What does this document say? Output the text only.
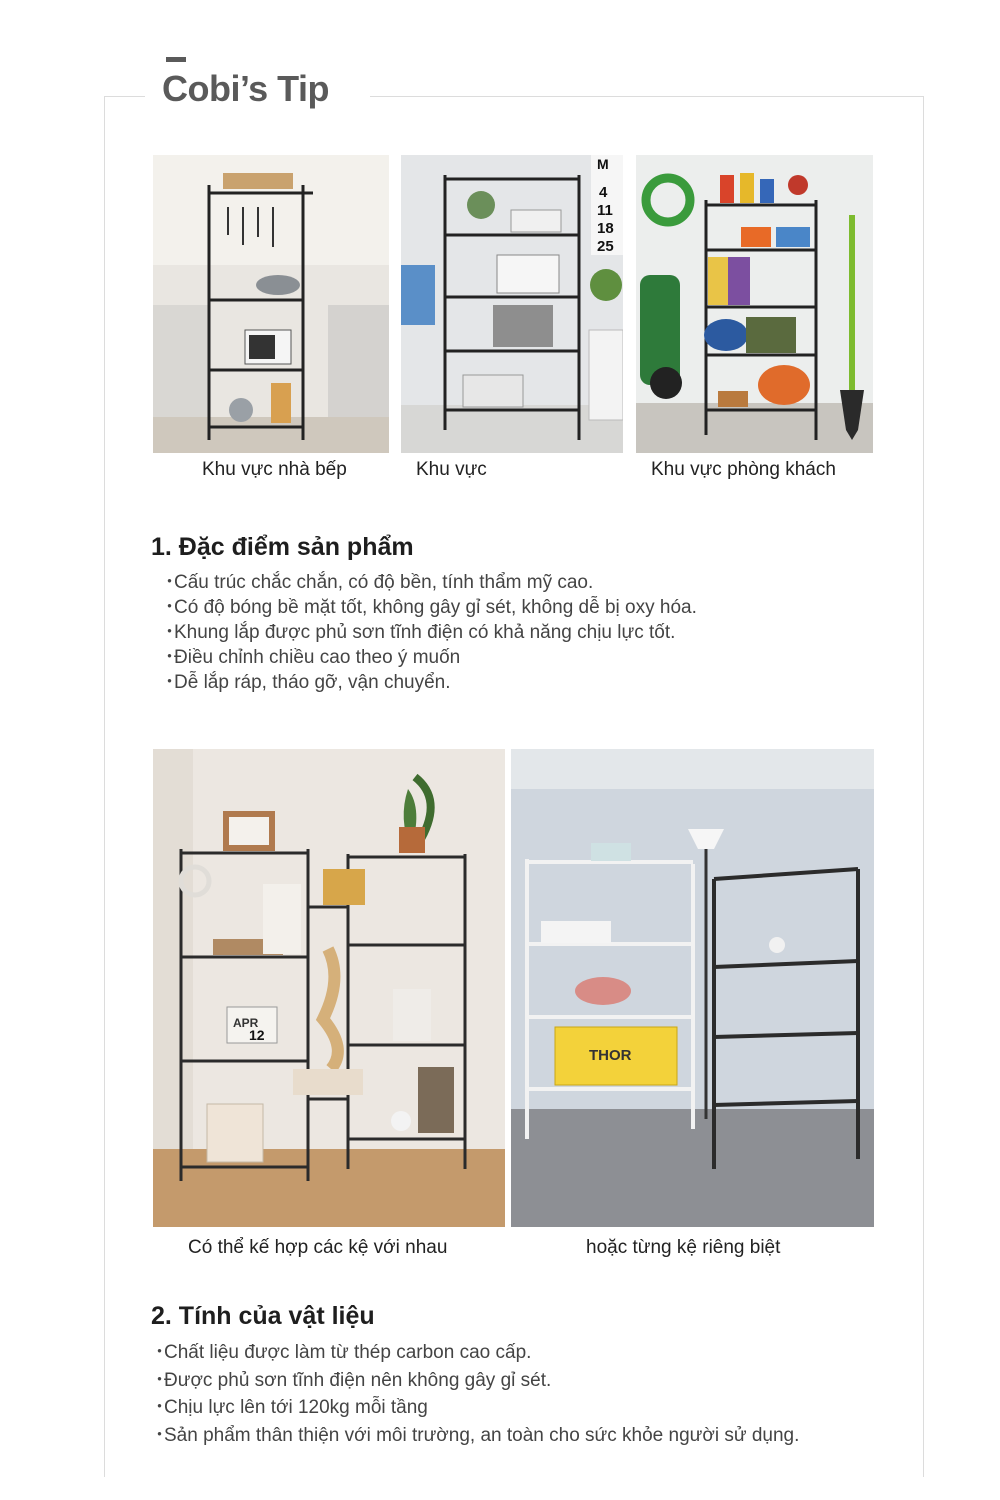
Cobi’s Tip
M
4
11
18
25
Khu vực nhà bếp	Khu vực	Khu vực phòng khách
1. Đặc điểm sản phẩm
・Cấu trúc chắc chắn, có độ bền, tính thẩm mỹ cao.
・Có độ bóng bề mặt tốt, không gây gỉ sét, không dễ bị oxy hóa.
・Khung lắp được phủ sơn tĩnh điện có khả năng chịu lực tốt.
・Điều chỉnh chiều cao theo ý muốn
・Dễ lắp ráp, tháo gỡ, vận chuyển.
APR
12
THOR
Có thể kế hợp các kệ với nhau	hoặc từng kệ riêng biệt
2. Tính của vật liệu
・Chất liệu được làm từ thép carbon cao cấp.
・Được phủ sơn tĩnh điện nên không gây gỉ sét.
・Chịu lực lên tới 120kg mỗi tầng
・Sản phẩm thân thiện với môi trường, an toàn cho sức khỏe người sử dụng.
